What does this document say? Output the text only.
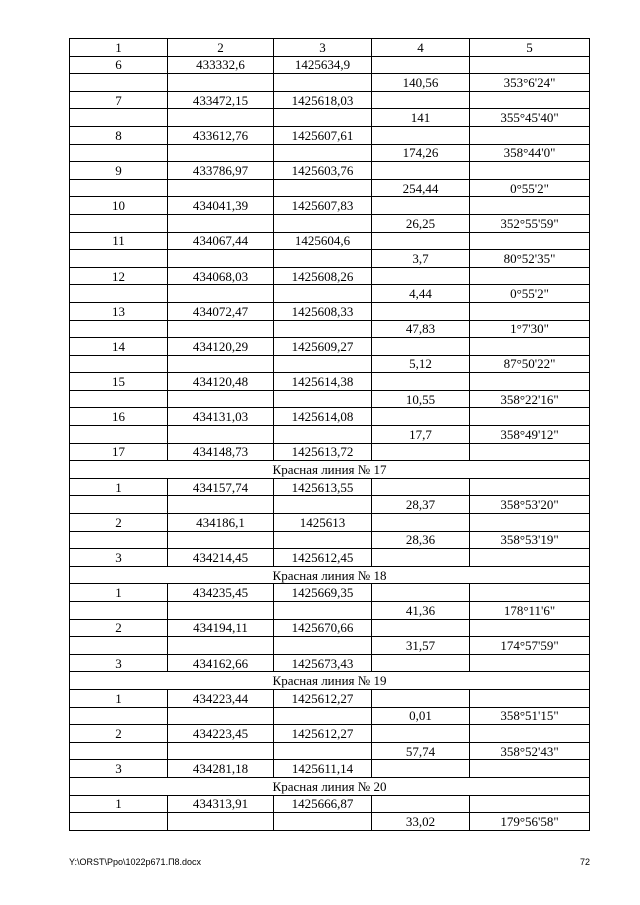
1	2	3	4	5
6	433332,6	1425634,9		
			140,56	353°6'24"
7	433472,15	1425618,03		
			141	355°45'40"
8	433612,76	1425607,61		
			174,26	358°44'0"
9	433786,97	1425603,76		
			254,44	0°55'2"
10	434041,39	1425607,83		
			26,25	352°55'59"
11	434067,44	1425604,6		
			3,7	80°52'35"
12	434068,03	1425608,26		
			4,44	0°55'2"
13	434072,47	1425608,33		
			47,83	1°7'30"
14	434120,29	1425609,27		
			5,12	87°50'22"
15	434120,48	1425614,38		
			10,55	358°22'16"
16	434131,03	1425614,08		
			17,7	358°49'12"
17	434148,73	1425613,72		
Красная линия № 17				
1	434157,74	1425613,55		
			28,37	358°53'20"
2	434186,1	1425613		
			28,36	358°53'19"
3	434214,45	1425612,45		
Красная линия № 18				
1	434235,45	1425669,35		
			41,36	178°11'6"
2	434194,11	1425670,66		
			31,57	174°57'59"
3	434162,66	1425673,43		
Красная линия № 19				
1	434223,44	1425612,27		
			0,01	358°51'15"
2	434223,45	1425612,27		
			57,74	358°52'43"
3	434281,18	1425611,14		
Красная линия № 20				
1	434313,91	1425666,87		
			33,02	179°56'58"
Y:\ORST\Ppo\1022p671.П8.docx	72
